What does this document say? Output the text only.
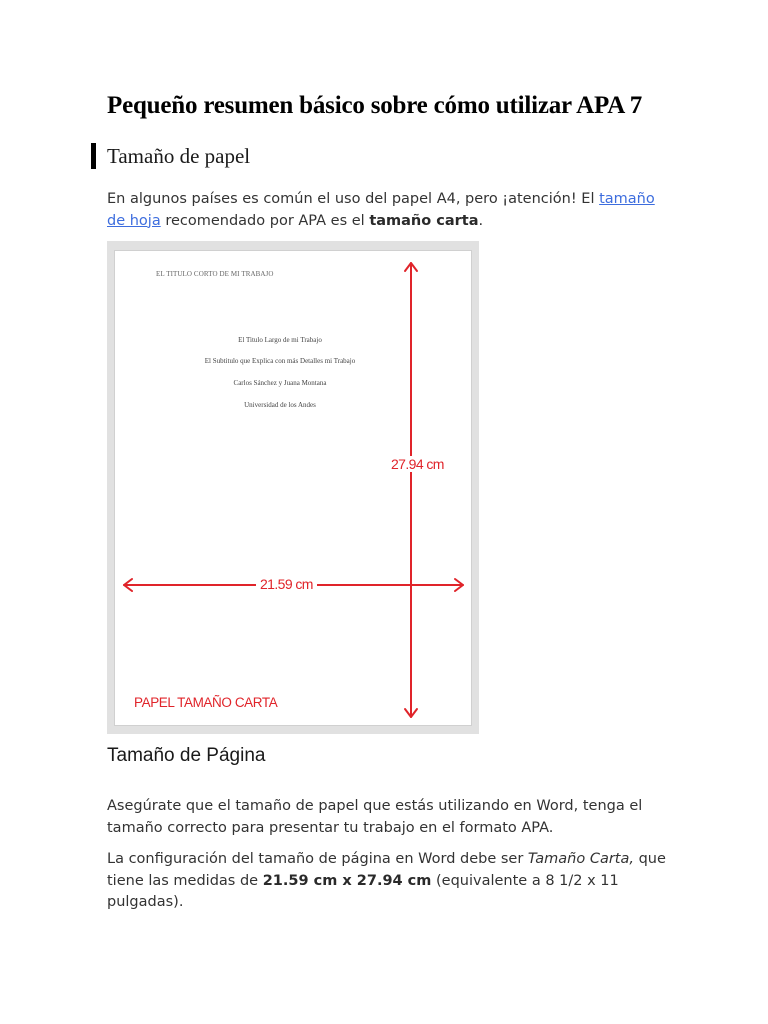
Pequeño resumen básico sobre cómo utilizar APA 7
Tamaño de papel

En algunos países es común el uso del papel A4, pero ¡atención! El tamaño de hoja recomendado por APA es el tamaño carta.

EL TITULO CORTO DE MI TRABAJO
El Titulo Largo de mi Trabajo
El Subtitulo que Explica con más Detalles mi Trabajo
Carlos Sánchez y Juana Montana
Universidad de los Andes
27.94 cm
21.59 cm
PAPEL TAMAÑO CARTA
Tamaño de Página

Asegúrate que el tamaño de papel que estás utilizando en Word, tenga el tamaño correcto para presentar tu trabajo en el formato APA.

La configuración del tamaño de página en Word debe ser Tamaño Carta, que tiene las medidas de 21.59 cm x 27.94 cm (equivalente a 8 1/2 x 11 pulgadas).
